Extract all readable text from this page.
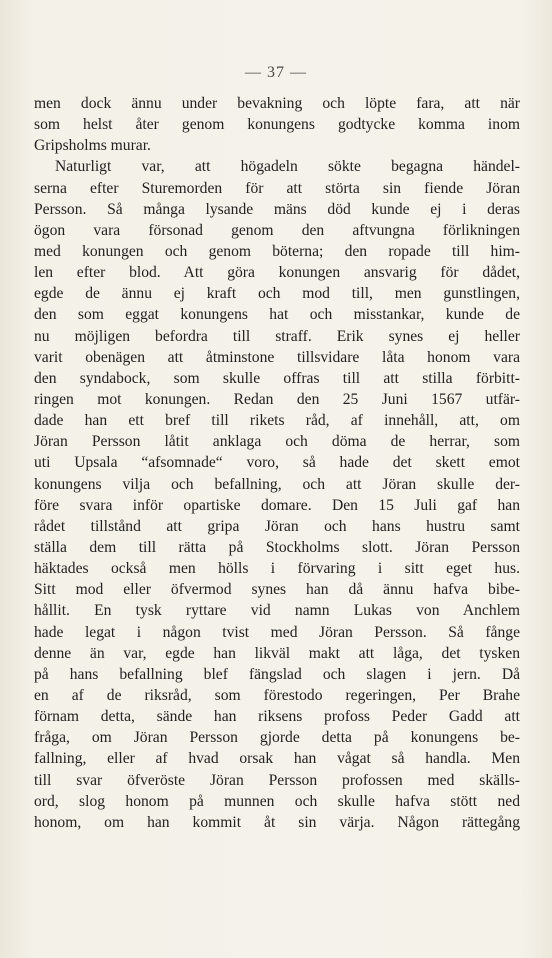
— 37 —
men dock ännu under bevakning och löpte fara, att när
som helst åter genom konungens godtycke komma inom
Gripsholms murar.
Naturligt var, att högadeln sökte begagna händel-
serna efter Sturemorden för att störta sin fiende Jöran
Persson. Så många lysande mäns död kunde ej i deras
ögon vara försonad genom den aftvungna förlikningen
med konungen och genom böterna; den ropade till him-
len efter blod. Att göra konungen ansvarig för dådet,
egde de ännu ej kraft och mod till, men gunstlingen,
den som eggat konungens hat och misstankar, kunde de
nu möjligen befordra till straff. Erik synes ej heller
varit obenägen att åtminstone tillsvidare låta honom vara
den syndabock, som skulle offras till att stilla förbitt-
ringen mot konungen. Redan den 25 Juni 1567 utfär-
dade han ett bref till rikets råd, af innehåll, att, om
Jöran Persson låtit anklaga och döma de herrar, som
uti Upsala “afsomnade“ voro, så hade det skett emot
konungens vilja och befallning, och att Jöran skulle der-
före svara inför opartiske domare. Den 15 Juli gaf han
rådet tillstånd att gripa Jöran och hans hustru samt
ställa dem till rätta på Stockholms slott. Jöran Persson
häktades också men hölls i förvaring i sitt eget hus.
Sitt mod eller öfvermod synes han då ännu hafva bibe-
hållit. En tysk ryttare vid namn Lukas von Anchlem
hade legat i någon tvist med Jöran Persson. Så fånge
denne än var, egde han likväl makt att låga, det tysken
på hans befallning blef fängslad och slagen i jern. Då
en af de riksråd, som förestodo regeringen, Per Brahe
förnam detta, sände han riksens profoss Peder Gadd att
fråga, om Jöran Persson gjorde detta på konungens be-
fallning, eller af hvad orsak han vågat så handla. Men
till svar öfveröste Jöran Persson profossen med skälls-
ord, slog honom på munnen och skulle hafva stött ned
honom, om han kommit åt sin värja. Någon rättegång
